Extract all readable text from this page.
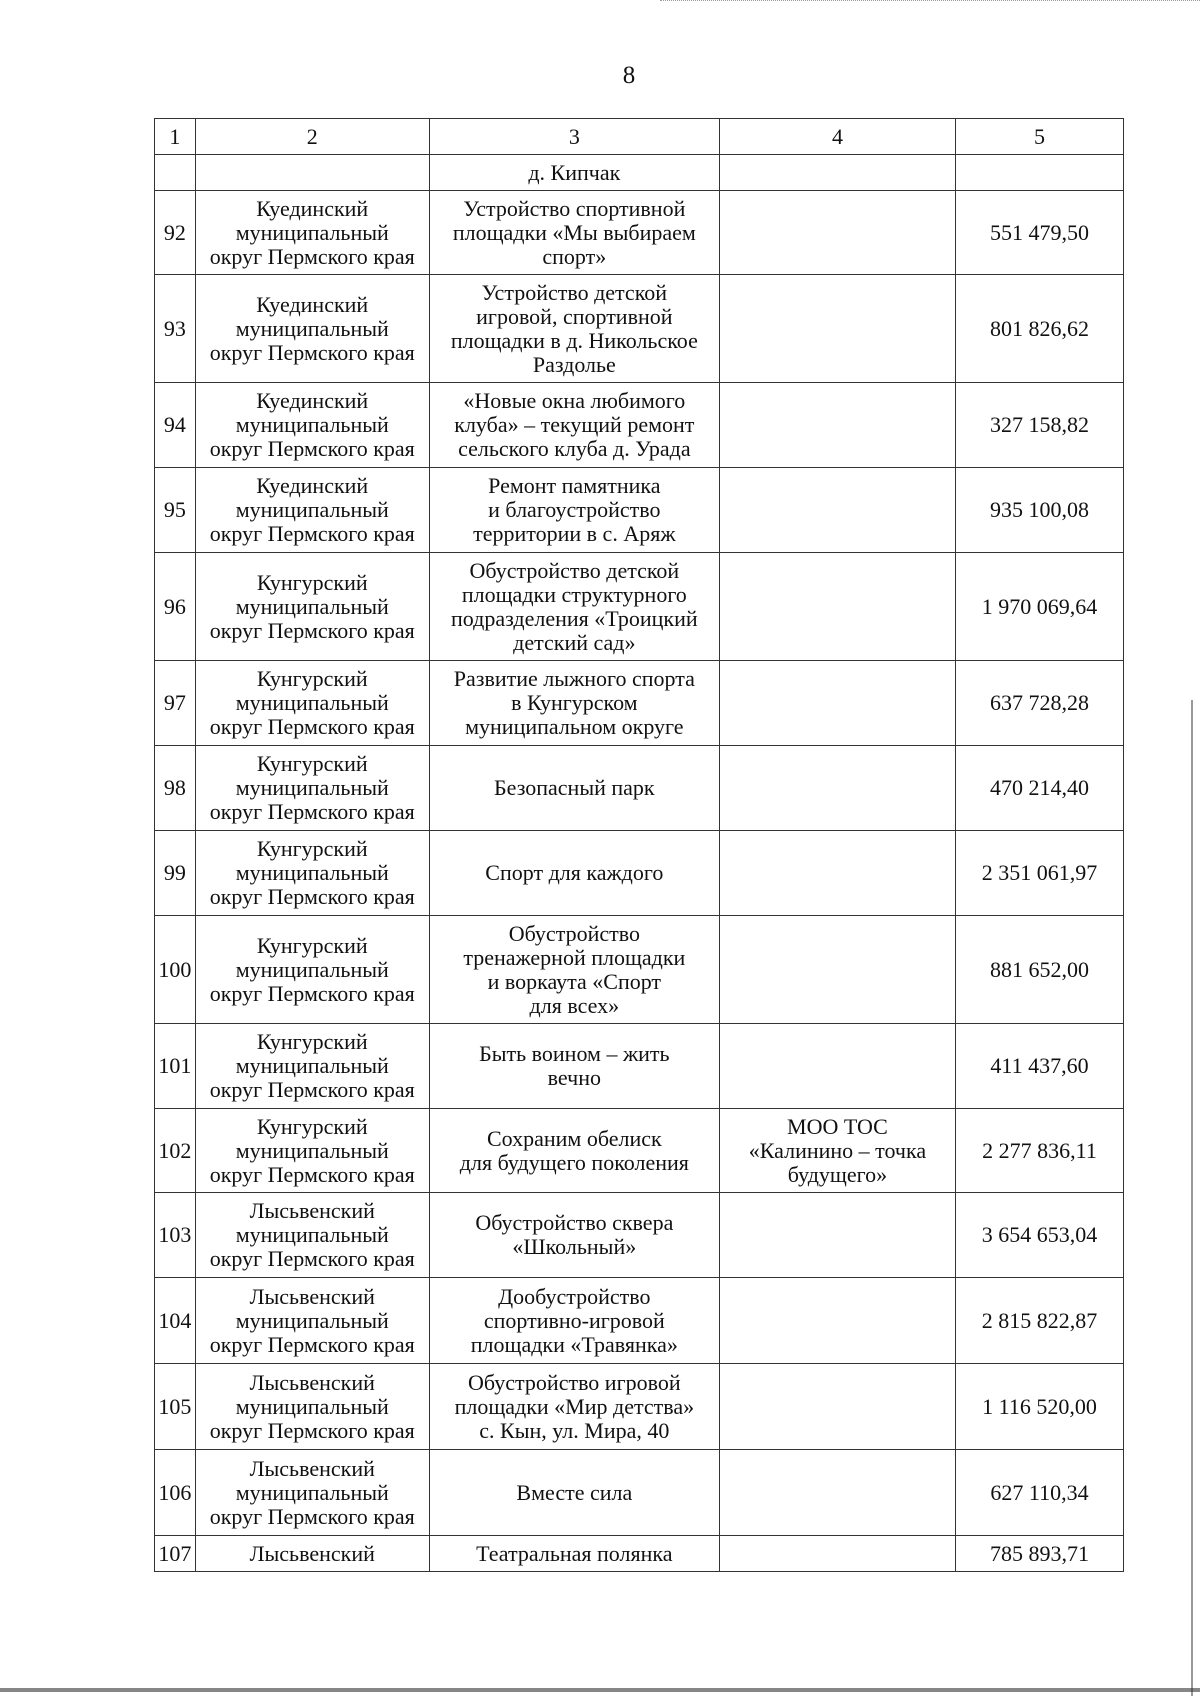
8
1	2	3	4	5

		д. Кипчак		

92	Куединский
муниципальный
округ Пермского края	Устройство спортивной
площадки «Мы выбираем
спорт»		551 479,50
93	Куединский
муниципальный
округ Пермского края	Устройство детской
игровой, спортивной
площадки в д. Никольское
Раздолье		801 826,62
94	Куединский
муниципальный
округ Пермского края	«Новые окна любимого
клуба» – текущий ремонт
сельского клуба д. Урада		327 158,82
95	Куединский
муниципальный
округ Пермского края	Ремонт памятника
и благоустройство
территории в с. Аряж		935 100,08
96	Кунгурский
муниципальный
округ Пермского края	Обустройство детской
площадки структурного
подразделения «Троицкий
детский сад»		1 970 069,64
97	Кунгурский
муниципальный
округ Пермского края	Развитие лыжного спорта
в Кунгурском
муниципальном округе		637 728,28
98	Кунгурский
муниципальный
округ Пермского края	Безопасный парк		470 214,40
99	Кунгурский
муниципальный
округ Пермского края	Спорт для каждого		2 351 061,97
100	Кунгурский
муниципальный
округ Пермского края	Обустройство
тренажерной площадки
и воркаута «Спорт
для всех»		881 652,00
101	Кунгурский
муниципальный
округ Пермского края	Быть воином – жить
вечно		411 437,60
102	Кунгурский
муниципальный
округ Пермского края	Сохраним обелиск
для будущего поколения	МОО ТОС
«Калинино – точка
будущего»	2 277 836,11
103	Лысьвенский
муниципальный
округ Пермского края	Обустройство сквера
«Школьный»		3 654 653,04
104	Лысьвенский
муниципальный
округ Пермского края	Дообустройство
спортивно-игровой
площадки «Травянка»		2 815 822,87
105	Лысьвенский
муниципальный
округ Пермского края	Обустройство игровой
площадки «Мир детства»
с. Кын, ул. Мира, 40		1 116 520,00
106	Лысьвенский
муниципальный
округ Пермского края	Вместе сила		627 110,34
107	Лысьвенский	Театральная полянка		785 893,71
